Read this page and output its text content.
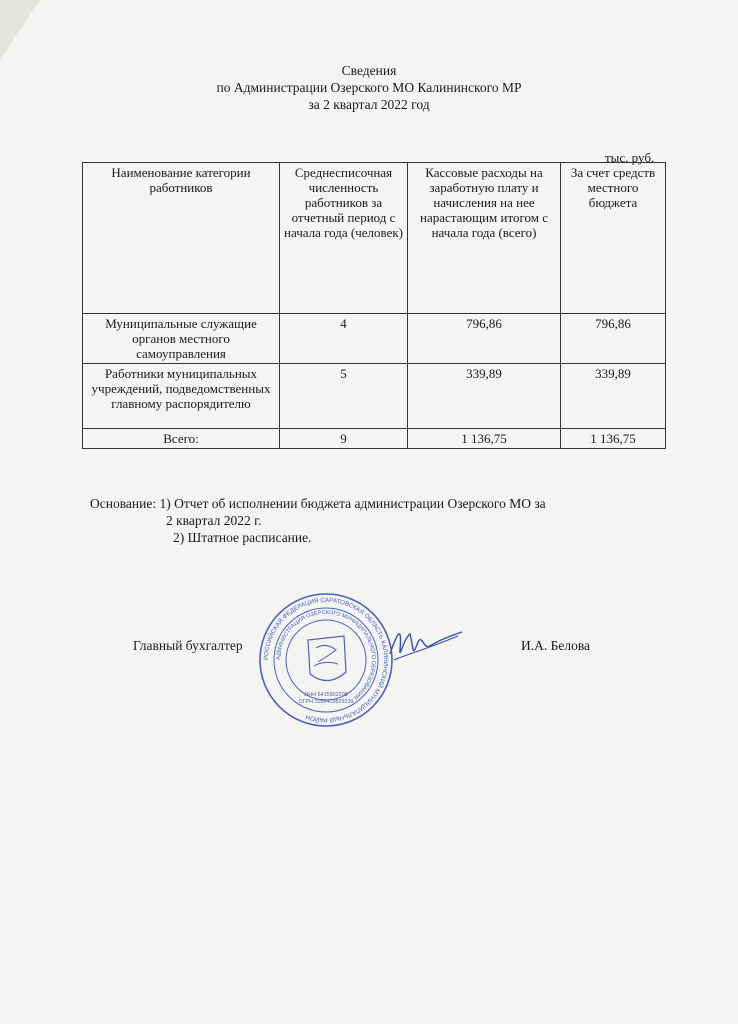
Сведения
по Администрации Озерского МО Калининского МР
за 2 квартал 2022 год
тыс. руб.
Наименование категории работников	Среднесписочная численность работников за отчетный период с начала года (человек)	Кассовые расходы на заработную плату и начисления на нее нарастающим итогом с начала года (всего)	За счет средств местного бюджета
Муниципальные служащие органов местного самоуправления	4	796,86	796,86
Работники муниципальных учреждений, подведомственных главному распорядителю	5	339,89	339,89
Всего:	9	1 136,75	1 136,75
Основание: 1) Отчет об исполнении бюджета администрации Озерского МО за
2 квартал 2022 г.
2) Штатное расписание.
Главный бухгалтер	И.А. Белова
РОССИЙСКАЯ ФЕДЕРАЦИЯ САРАТОВСКАЯ ОБЛАСТЬ КАЛИНИНСКИЙ МУНИЦИПАЛЬНЫЙ РАЙОН
АДМИНИСТРАЦИЯ ОЗЕРСКОГО МУНИЦИПАЛЬНОГО ОБРАЗОВАНИЯ
ИНН 6415902208
ОГРН 1056403829239
